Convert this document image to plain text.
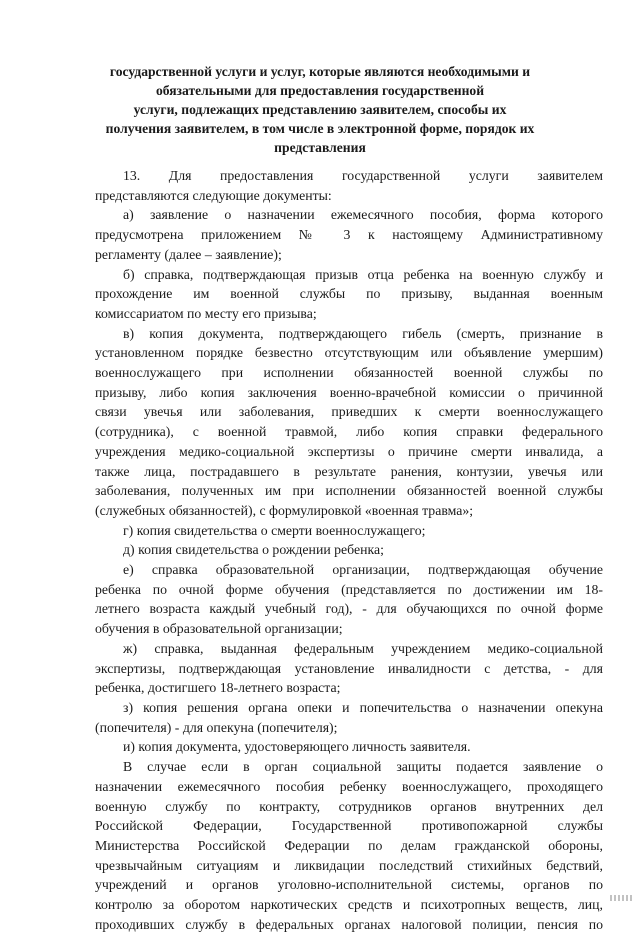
государственной услуги и услуг, которые являются необходимыми и
обязательными для предоставления государственной
услуги, подлежащих представлению заявителем, способы их
получения заявителем, в том числе в электронной форме, порядок их
представления

13. Для предоставления государственной услуги заявителем
представляются следующие документы:

а) заявление о назначении ежемесячного пособия, форма которого
предусмотрена приложением № 3 к настоящему Административному
регламенту (далее – заявление);

б) справка, подтверждающая призыв отца ребенка на военную службу и
прохождение им военной службы по призыву, выданная военным
комиссариатом по месту его призыва;

в) копия документа, подтверждающего гибель (смерть, признание в
установленном порядке безвестно отсутствующим или объявление умершим)
военнослужащего при исполнении обязанностей военной службы по
призыву, либо копия заключения военно-врачебной комиссии о причинной
связи увечья или заболевания, приведших к смерти военнослужащего
(сотрудника), с военной травмой, либо копия справки федерального
учреждения медико-социальной экспертизы о причине смерти инвалида, а
также лица, пострадавшего в результате ранения, контузии, увечья или
заболевания, полученных им при исполнении обязанностей военной службы
(служебных обязанностей), с формулировкой «военная травма»;

г) копия свидетельства о смерти военнослужащего;

д) копия свидетельства о рождении ребенка;

е) справка образовательной организации, подтверждающая обучение
ребенка по очной форме обучения (представляется по достижении им 18-
летнего возраста каждый учебный год), - для обучающихся по очной форме
обучения в образовательной организации;

ж) справка, выданная федеральным учреждением медико-социальной
экспертизы, подтверждающая установление инвалидности с детства, - для
ребенка, достигшего 18-летнего возраста;

з) копия решения органа опеки и попечительства о назначении опекуна
(попечителя) - для опекуна (попечителя);

и) копия документа, удостоверяющего личность заявителя.

В случае если в орган социальной защиты подается заявление о
назначении ежемесячного пособия ребенку военнослужащего, проходящего
военную службу по контракту, сотрудников органов внутренних дел
Российской Федерации, Государственной противопожарной службы
Министерства Российской Федерации по делам гражданской обороны,
чрезвычайным ситуациям и ликвидации последствий стихийных бедствий,
учреждений и органов уголовно-исполнительной системы, органов по
контролю за оборотом наркотических средств и психотропных веществ, лиц,
проходивших службу в федеральных органах налоговой полиции, пенсия по
